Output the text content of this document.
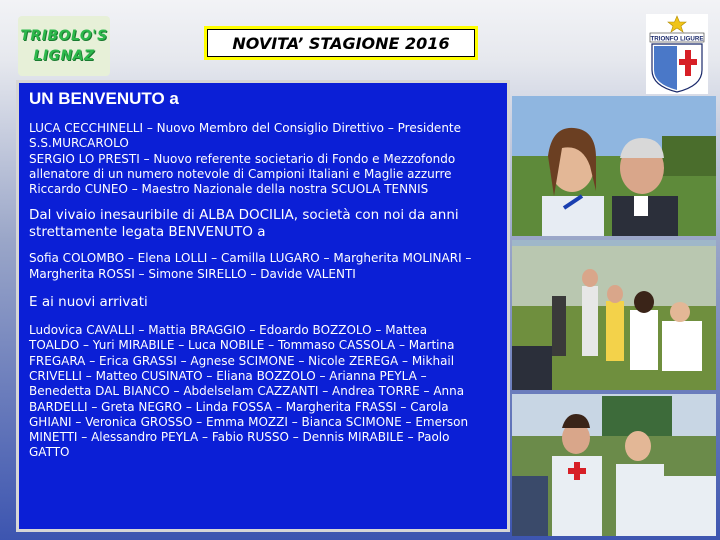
TRIBOLO'S
LIGNAZ
NOVITA’ STAGIONE 2016	TRIONFO LIGURE
UN BENVENUTO a
LUCA CECCHINELLI – Nuovo Membro del Consiglio Direttivo – Presidente
S.S.MURCAROLO
SERGIO LO PRESTI – Nuovo referente societario di Fondo e Mezzofondo
allenatore di un numero notevole di Campioni Italiani e Maglie azzurre
Riccardo CUNEO – Maestro Nazionale della nostra SCUOLA TENNIS
Dal vivaio inesauribile di ALBA DOCILIA, società con noi da anni
strettamente legata BENVENUTO a
Sofia COLOMBO – Elena LOLLI – Camilla LUGARO – Margherita MOLINARI –
Margherita ROSSI – Simone SIRELLO – Davide VALENTI
E ai nuovi arrivati
Ludovica CAVALLI – Mattia BRAGGIO – Edoardo BOZZOLO – Mattea
TOALDO – Yuri MIRABILE – Luca NOBILE – Tommaso CASSOLA – Martina
FREGARA – Erica GRASSI – Agnese SCIMONE – Nicole ZEREGA – Mikhail
CRIVELLI – Matteo CUSINATO – Eliana BOZZOLO – Arianna PEYLA –
Benedetta DAL BIANCO – Abdelselam CAZZANTI – Andrea TORRE – Anna
BARDELLI – Greta NEGRO – Linda FOSSA – Margherita FRASSI – Carola
GHIANI – Veronica GROSSO – Emma MOZZI – Bianca SCIMONE – Emerson
MINETTI – Alessandro PEYLA – Fabio RUSSO – Dennis MIRABILE – Paolo
GATTO
